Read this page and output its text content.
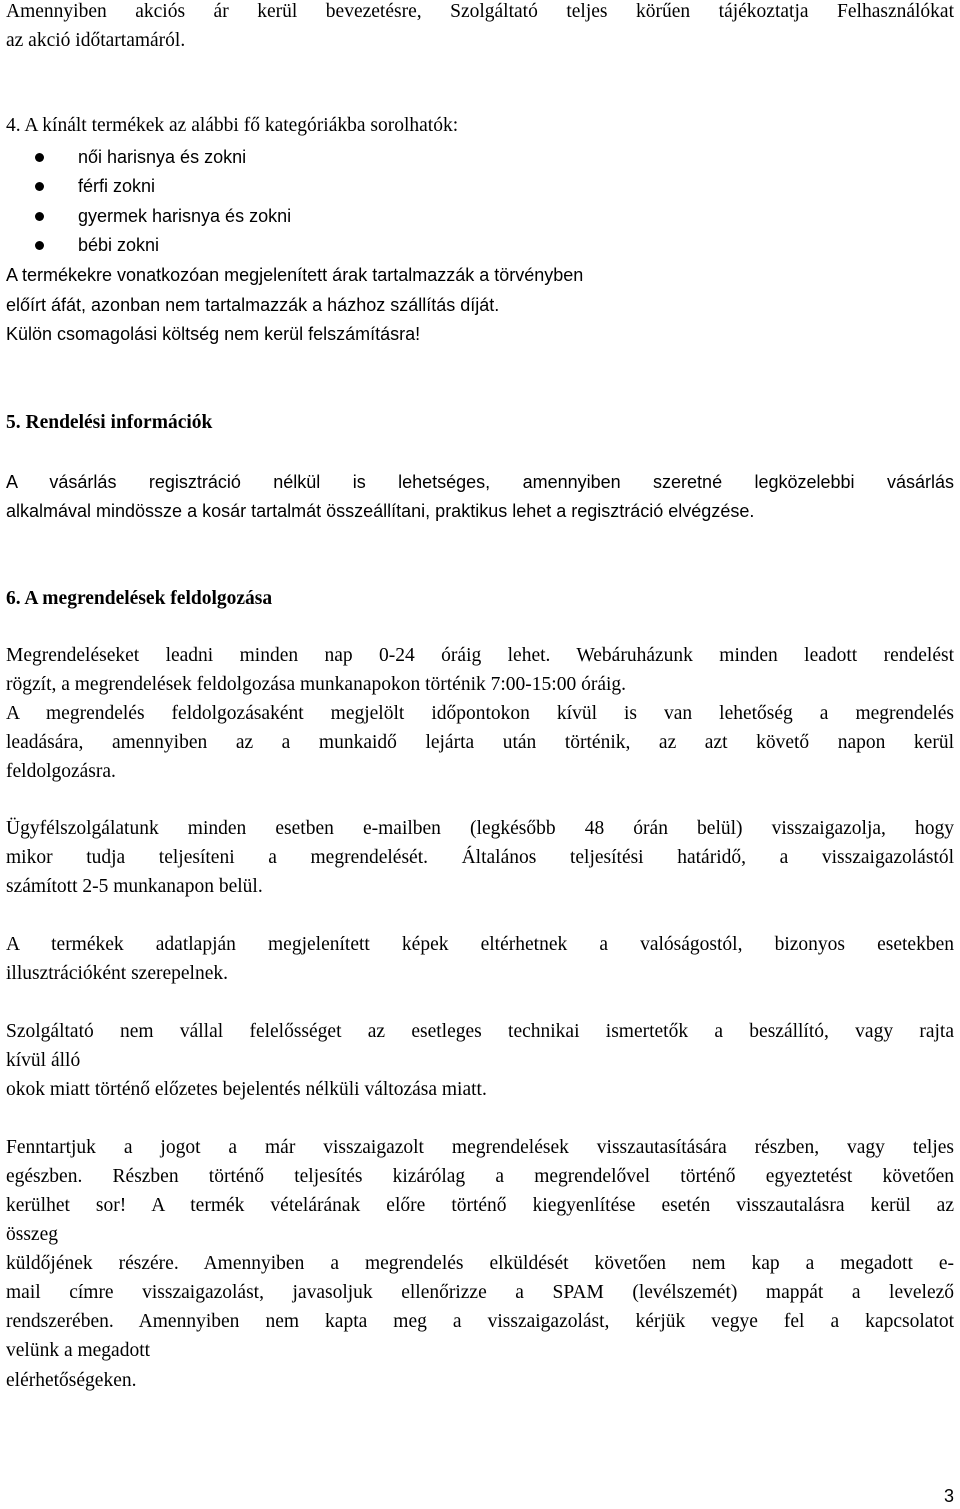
Amennyiben akciós ár kerül bevezetésre, Szolgáltató teljes körűen tájékoztatja Felhasználókat

az akció időtartamáról.

4. A kínált termékek az alábbi fő kategóriákba sorolhatók:

női harisnya és zokni
férfi zokni
gyermek harisnya és zokni
bébi zokni

A termékekre vonatkozóan megjelenített árak tartalmazzák a törvényben

előírt áfát, azonban nem tartalmazzák a házhoz szállítás díját.

Külön csomagolási költség nem kerül felszámításra!

5. Rendelési információk

A vásárlás regisztráció nélkül is lehetséges, amennyiben szeretné legközelebbi vásárlás

alkalmával mindössze a kosár tartalmát összeállítani, praktikus lehet a regisztráció elvégzése.

6. A megrendelések feldolgozása

Megrendeléseket leadni minden nap 0-24 óráig lehet. Webáruházunk minden leadott rendelést

rögzít, a megrendelések feldolgozása munkanapokon történik 7:00-15:00 óráig.

A megrendelés feldolgozásaként megjelölt időpontokon kívül is van lehetőség a megrendelés

leadására, amennyiben az a munkaidő lejárta után történik, az azt követő napon kerül

feldolgozásra.

Ügyfélszolgálatunk minden esetben e-mailben (legkésőbb 48 órán belül) visszaigazolja, hogy

mikor tudja teljesíteni a megrendelését. Általános teljesítési határidő, a visszaigazolástól

számított 2-5 munkanapon belül.

A termékek adatlapján megjelenített képek eltérhetnek a valóságostól, bizonyos esetekben

illusztrációként szerepelnek.

Szolgáltató nem vállal felelősséget az esetleges technikai ismertetők a beszállító, vagy rajta

kívül álló

okok miatt történő előzetes bejelentés nélküli változása miatt.

Fenntartjuk a jogot a már visszaigazolt megrendelések visszautasítására részben, vagy teljes

egészben. Részben történő teljesítés kizárólag a megrendelővel történő egyeztetést követően

kerülhet sor! A termék vételárának előre történő kiegyenlítése esetén visszautalásra kerül az

összeg

küldőjének részére. Amennyiben a megrendelés elküldését követően nem kap a megadott e-

mail címre visszaigazolást, javasoljuk ellenőrizze a SPAM (levélszemét) mappát a levelező

rendszerében. Amennyiben nem kapta meg a visszaigazolást, kérjük vegye fel a kapcsolatot

velünk a megadott

elérhetőségeken.

3
